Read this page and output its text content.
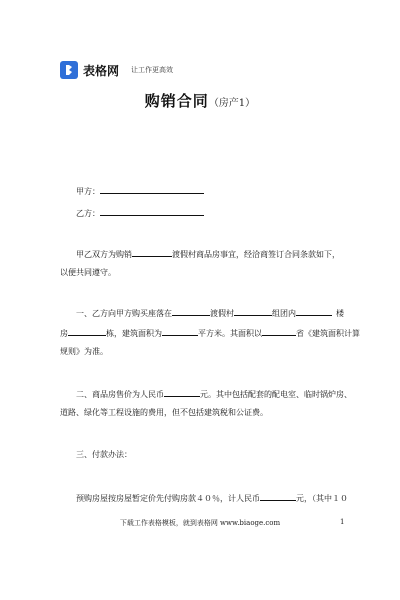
表格网 让工作更高效
购销合同（房产1）
甲方：
乙方：
甲乙双方为购销	渡假村商品房事宜，经洽商签订合同条款如下，
以便共同遵守。
一、乙方向甲方购买座落在	渡假村	组团内	楼
房	栋，建筑面积为	平方米。其面积以	省《建筑面积计算
规则》为准。
二、商品房售价为人民币	元。其中包括配套的配电室、临时锅炉房、
道路、绿化等工程设施的费用，但不包括建筑税和公证费。
三、付款办法：
预购房屋按房屋暂定价先付购房款４０％，计人民币	元，（其中１０
下载工作表格模板，就到表格网 www.biaoge.com	1
